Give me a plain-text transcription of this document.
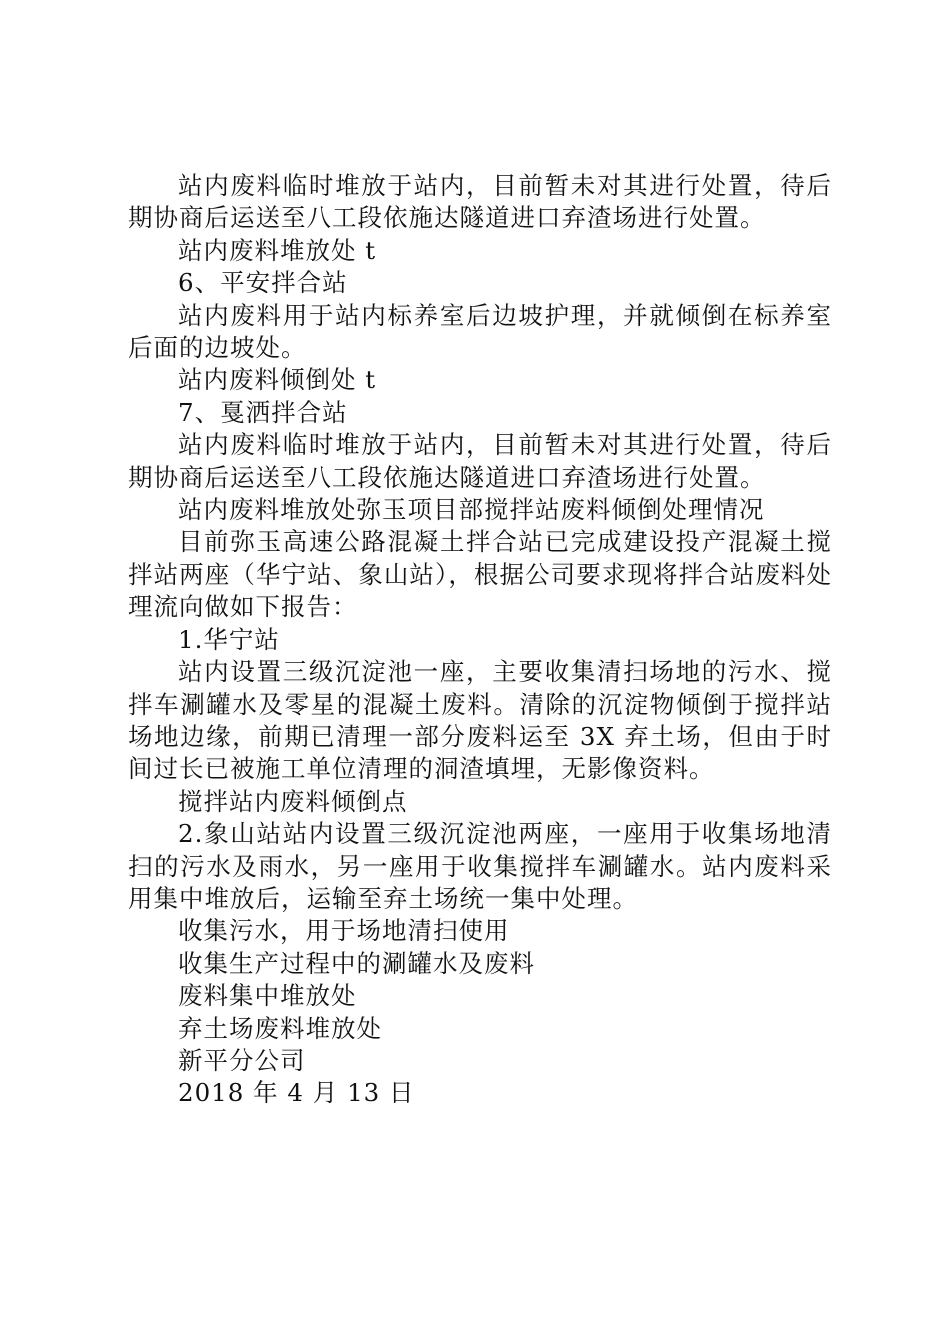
站内废料临时堆放于站内，目前暂未对其进行处置，待后期协商后运送至八工段依施达隧道进口弃渣场进行处置。

站内废料堆放处 t

6、平安拌合站

站内废料用于站内标养室后边坡护理，并就倾倒在标养室后面的边坡处。

站内废料倾倒处 t

7、戛洒拌合站

站内废料临时堆放于站内，目前暂未对其进行处置，待后期协商后运送至八工段依施达隧道进口弃渣场进行处置。

站内废料堆放处弥玉项目部搅拌站废料倾倒处理情况

目前弥玉高速公路混凝土拌合站已完成建设投产混凝土搅拌站两座（华宁站、象山站），根据公司要求现将拌合站废料处理流向做如下报告：

1.华宁站

站内设置三级沉淀池一座，主要收集清扫场地的污水、搅拌车涮罐水及零星的混凝土废料。清除的沉淀物倾倒于搅拌站场地边缘，前期已清理一部分废料运至 3X 弃土场，但由于时间过长已被施工单位清理的洞渣填埋，无影像资料。

搅拌站内废料倾倒点

2.象山站站内设置三级沉淀池两座，一座用于收集场地清扫的污水及雨水，另一座用于收集搅拌车涮罐水。站内废料采用集中堆放后，运输至弃土场统一集中处理。

收集污水，用于场地清扫使用

收集生产过程中的涮罐水及废料

废料集中堆放处

弃土场废料堆放处

新平分公司

2018 年 4 月 13 日
